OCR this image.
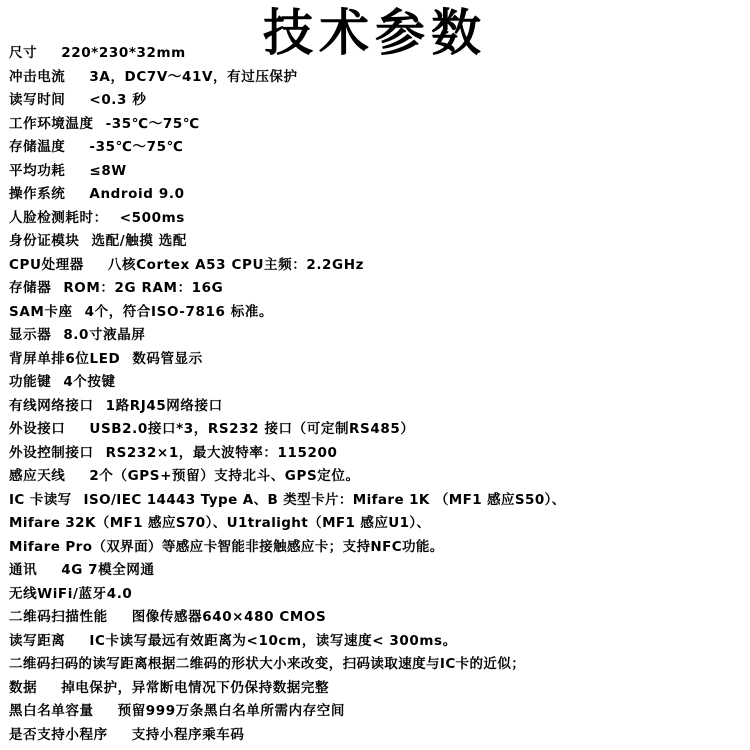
技术参数
尺寸 220*230*32mm
冲击电流 3A，DC7V～41V，有过压保护
读写时间 <0.3 秒
工作环境温度 -35℃～75℃
存储温度 -35℃～75℃
平均功耗 ≤8W
操作系统 Android 9.0
人脸检测耗时： <500ms
身份证模块 选配/触摸 选配
CPU处理器 八核Cortex A53 CPU主频：2.2GHz
存储器 ROM：2G RAM：16G
SAM卡座 4个，符合ISO-7816 标准。
显示器 8.0寸液晶屏
背屏单排6位LED 数码管显示
功能键 4个按键
有线网络接口 1路RJ45网络接口
外设接口 USB2.0接口*3，RS232 接口（可定制RS485）
外设控制接口 RS232×1，最大波特率：115200
感应天线 2个（GPS+预留）支持北斗、GPS定位。
IC 卡读写 ISO/IEC 14443 Type A、B 类型卡片：Mifare 1K （MF1 感应S50）、
Mifare 32K（MF1 感应S70）、U1tralight（MF1 感应U1）、
Mifare Pro（双界面）等感应卡智能非接触感应卡；支持NFC功能。
通讯 4G 7模全网通
无线WiFi/蓝牙4.0
二维码扫描性能 图像传感器640×480 CMOS
读写距离 IC卡读写最远有效距离为<10cm，读写速度< 300ms。
二维码扫码的读写距离根据二维码的形状大小来改变，扫码读取速度与IC卡的近似；
数据 掉电保护，异常断电情况下仍保持数据完整
黑白名单容量 预留999万条黑白名单所需内存空间
是否支持小程序 支持小程序乘车码
